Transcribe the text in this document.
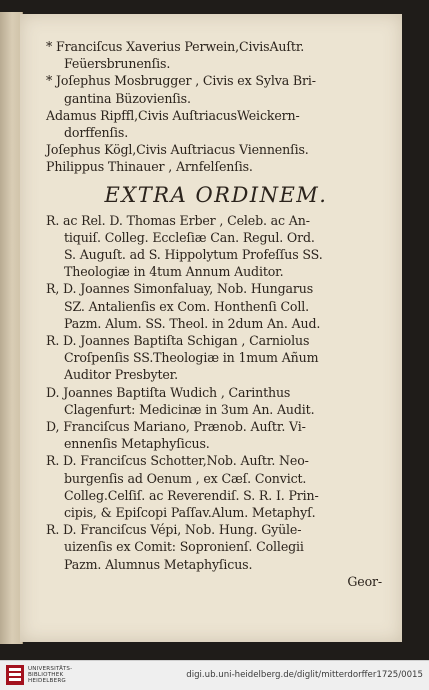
* Franciſcus Xaverius Perwein,CivisAuſtr.
Feüersbrunenſis.
* Joſephus Mosbrugger , Civis ex Sylva Bri-
gantina Büzovienſis.
Adamus Ripffl,Civis AuſtriacusWeickern-
dorffenſis.
Joſephus Kögl,Civis Auſtriacus Viennenſis.
Philippus Thinauer , Arnfelſenſis.
EXTRA ORDINEM.
R. ac Rel. D. Thomas Erber , Celeb. ac An-
tiquiſ. Colleg. Eccleſiæ Can. Regul. Ord.
S. Auguſt. ad S. Hippolytum Profeſſus SS.
Theologiæ in 4tum Annum Auditor.
R, D. Joannes Simonfaluay, Nob. Hungarus
SZ. Antalienſis ex Com. Honthenſi Coll.
Pazm. Alum. SS. Theol. in 2dum An. Aud.
R. D. Joannes Baptiſta Schigan , Carniolus
Croſpenſis SS.Theologiæ in 1mum Añum
Auditor Presbyter.
D. Joannes Baptiſta Wudich , Carinthus
Clagenfurt: Medicinæ in 3um An. Audit.
D, Franciſcus Mariano, Prænob. Auſtr. Vi-
ennenſis Metaphyſicus.
R. D. Franciſcus Schotter,Nob. Auſtr. Neo-
burgenſis ad Oenum , ex Cæſ. Convict.
Colleg.Celſiſ. ac Reverendiſ. S. R. I. Prin-
cipis, & Epiſcopi Paſſav.Alum. Metaphyſ.
R. D. Franciſcus Vépi, Nob. Hung. Gyüle-
uizenſis ex Comit: Sopronienſ. Collegii
Pazm. Alumnus Metaphyſicus.
Geor-
UNIVERSITÄTS-
BIBLIOTHEK
HEIDELBERG
digi.ub.uni-heidelberg.de/diglit/mitterdorffer1725/0015
